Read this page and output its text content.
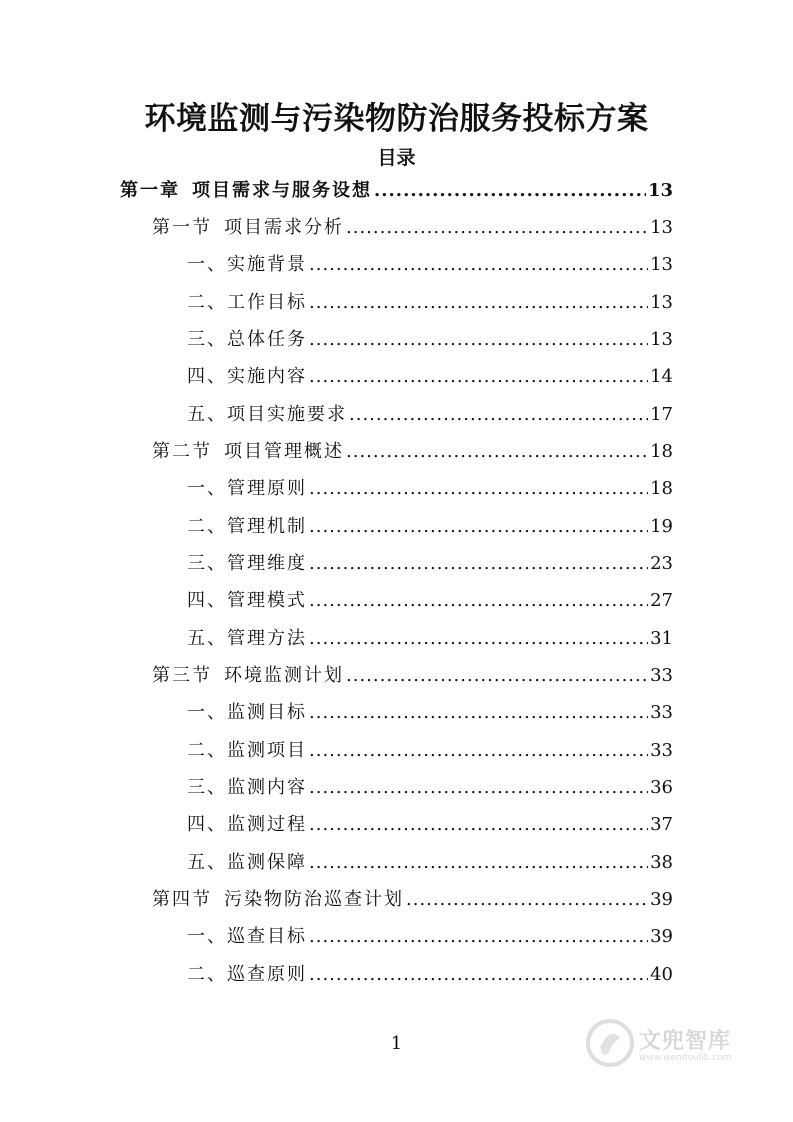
环境监测与污染物防治服务投标方案
目录
第一章 项目需求与服务设想 .....	13
第一节 项目需求分析 .....	13
一、实施背景 .....	13
二、工作目标 .....	13
三、总体任务 .....	13
四、实施内容 .....	14
五、项目实施要求 .....	17
第二节 项目管理概述 .....	18
一、管理原则 .....	18
二、管理机制 .....	19
三、管理维度 .....	23
四、管理模式 .....	27
五、管理方法 .....	31
第三节 环境监测计划 .....	33
一、监测目标 .....	33
二、监测项目 .....	33
三、监测内容 .....	36
四、监测过程 .....	37
五、监测保障 .....	38
第四节 污染物防治巡查计划 .....	39
一、巡查目标 .....	39
二、巡查原则 .....	40
1	文兜智库
www.wendoulib.com
